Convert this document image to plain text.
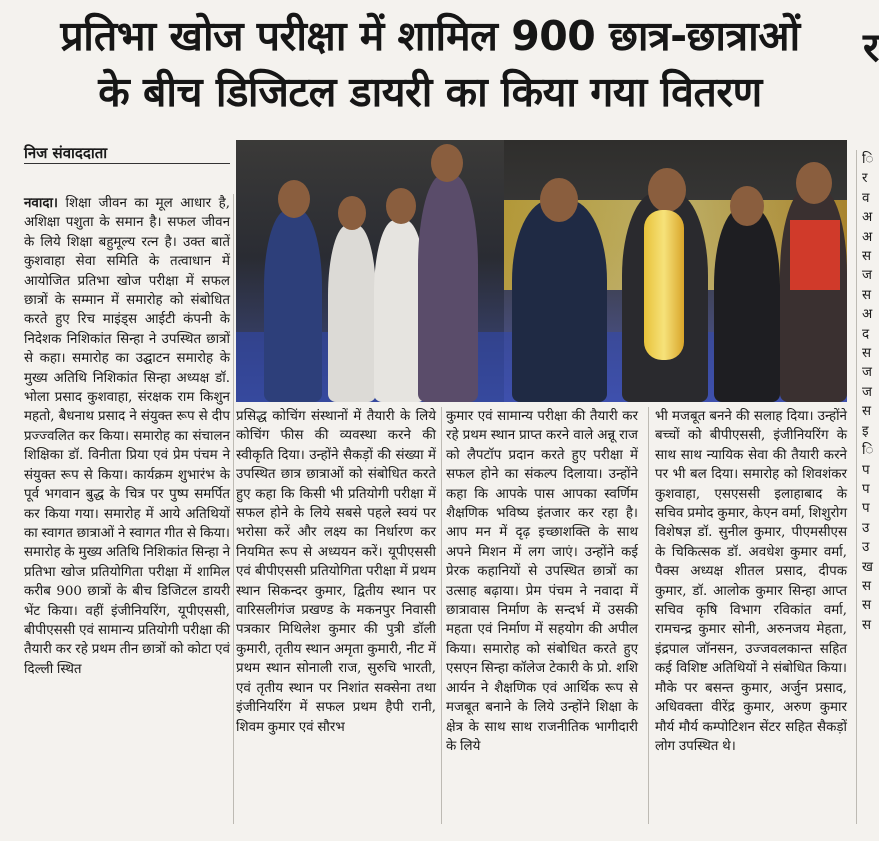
प्रतिभा खोज परीक्षा में शामिल 900 छात्र-छात्राओं
के बीच डिजिटल डायरी का किया गया वितरण
र
निज संवाददाता
नवादा। शिक्षा जीवन का मूल आधार है, अशिक्षा पशुता के समान है। सफल जीवन के लिये शिक्षा बहुमूल्य रत्न है। उक्त बातें कुशवाहा सेवा समिति के तत्वाधान में आयोजित प्रतिभा खोज परीक्षा में सफल छात्रों के सम्मान में समारोह को संबोधित करते हुए रिच माइंड्स आईटी कंपनी के निदेशक निशिकांत सिन्हा ने उपस्थित छात्रों से कहा। समारोह का उद्घाटन समारोह के मुख्य अतिथि निशिकांत सिन्हा अध्यक्ष डॉ. भोला प्रसाद कुशवाहा, संरक्षक राम किशुन महतो, बैधनाथ प्रसाद ने संयुक्त रूप से दीप प्रज्ज्वलित कर किया। समारोह का संचालन शिक्षिका डॉ. विनीता प्रिया एवं प्रेम पंचम ने संयुक्त रूप से किया। कार्यक्रम शुभारंभ के पूर्व भगवान बुद्ध के चित्र पर पुष्प समर्पित कर किया गया। समारोह में आये अतिथियों का स्वागत छात्राओं ने स्वागत गीत से किया। समारोह के मुख्य अतिथि निशिकांत सिन्हा ने प्रतिभा खोज प्रतियोगिता परीक्षा में शामिल करीब 900 छात्रों के बीच डिजिटल डायरी भेंट किया। वहीं इंजीनियरिंग, यूपीएससी, बीपीएससी एवं सामान्य प्रतियोगी परीक्षा की तैयारी कर रहे प्रथम तीन छात्रों को कोटा एवं दिल्ली स्थित
प्रसिद्ध कोचिंग संस्थानों में तैयारी के लिये कोचिंग फीस की व्यवस्था करने की स्वीकृति दिया। उन्होंने सैकड़ों की संख्या में उपस्थित छात्र छात्राओं को संबोधित करते हुए कहा कि किसी भी प्रतियोगी परीक्षा में सफल होने के लिये सबसे पहले स्वयं पर भरोसा करें और लक्ष्य का निर्धारण कर नियमित रूप से अध्ययन करें। यूपीएससी एवं बीपीएससी प्रतियोगिता परीक्षा में प्रथम स्थान सिकन्दर कुमार, द्वितीय स्थान पर वारिसलीगंज प्रखण्ड के मकनपुर निवासी पत्रकार मिथिलेश कुमार की पुत्री डॉली कुमारी, तृतीय स्थान अमृता कुमारी, नीट में प्रथम स्थान सोनाली राज, सुरुचि भारती, एवं तृतीय स्थान पर निशांत सक्सेना तथा इंजीनियरिंग में सफल प्रथम हैपी रानी, शिवम कुमार एवं सौरभ
कुमार एवं सामान्य परीक्षा की तैयारी कर रहे प्रथम स्थान प्राप्त करने वाले अन्नू राज को लैपटॉप प्रदान करते हुए परीक्षा में सफल होने का संकल्प दिलाया। उन्होंने कहा कि आपके पास आपका स्वर्णिम शैक्षणिक भविष्य इंतजार कर रहा है। आप मन में दृढ़ इच्छाशक्ति के साथ अपने मिशन में लग जाएं। उन्होंने कई प्रेरक कहानियों से उपस्थित छात्रों का उत्साह बढ़ाया। प्रेम पंचम ने नवादा में छात्रावास निर्माण के सन्दर्भ में उसकी महता एवं निर्माण में सहयोग की अपील किया। समारोह को संबोधित करते हुए एसएन सिन्हा कॉलेज टेकारी के प्रो. शशि आर्यन ने शैक्षणिक एवं आर्थिक रूप से मजबूत बनाने के लिये उन्होंने शिक्षा के क्षेत्र के साथ साथ राजनीतिक भागीदारी के लिये
भी मजबूत बनने की सलाह दिया। उन्होंने बच्चों को बीपीएससी, इंजीनियरिंग के साथ साथ न्यायिक सेवा की तैयारी करने पर भी बल दिया। समारोह को शिवशंकर कुशवाहा, एसएससी इलाहाबाद के सचिव प्रमोद कुमार, केएन वर्मा, शिशुरोग विशेषज्ञ डॉ. सुनील कुमार, पीएमसीएस के चिकित्सक डॉ. अवधेश कुमार वर्मा, पैक्स अध्यक्ष शीतल प्रसाद, दीपक कुमार, डॉ. आलोक कुमार सिन्हा आप्त सचिव कृषि विभाग रविकांत वर्मा, रामचन्द्र कुमार सोनी, अरुनजय मेहता, इंद्रपाल जॉनसन, उज्जवलकान्त सहित कई विशिष्ट अतिथियों ने संबोधित किया। मौके पर बसन्त कुमार, अर्जुन प्रसाद, अधिवक्ता वीरेंद्र कुमार, अरुण कुमार मौर्य मौर्य कम्पोटिशन सेंटर सहित सैकड़ों लोग उपस्थित थे।
ि र व अ अ स ज स अ द स ज ज स इ ि प प प उ उ ख स स स
